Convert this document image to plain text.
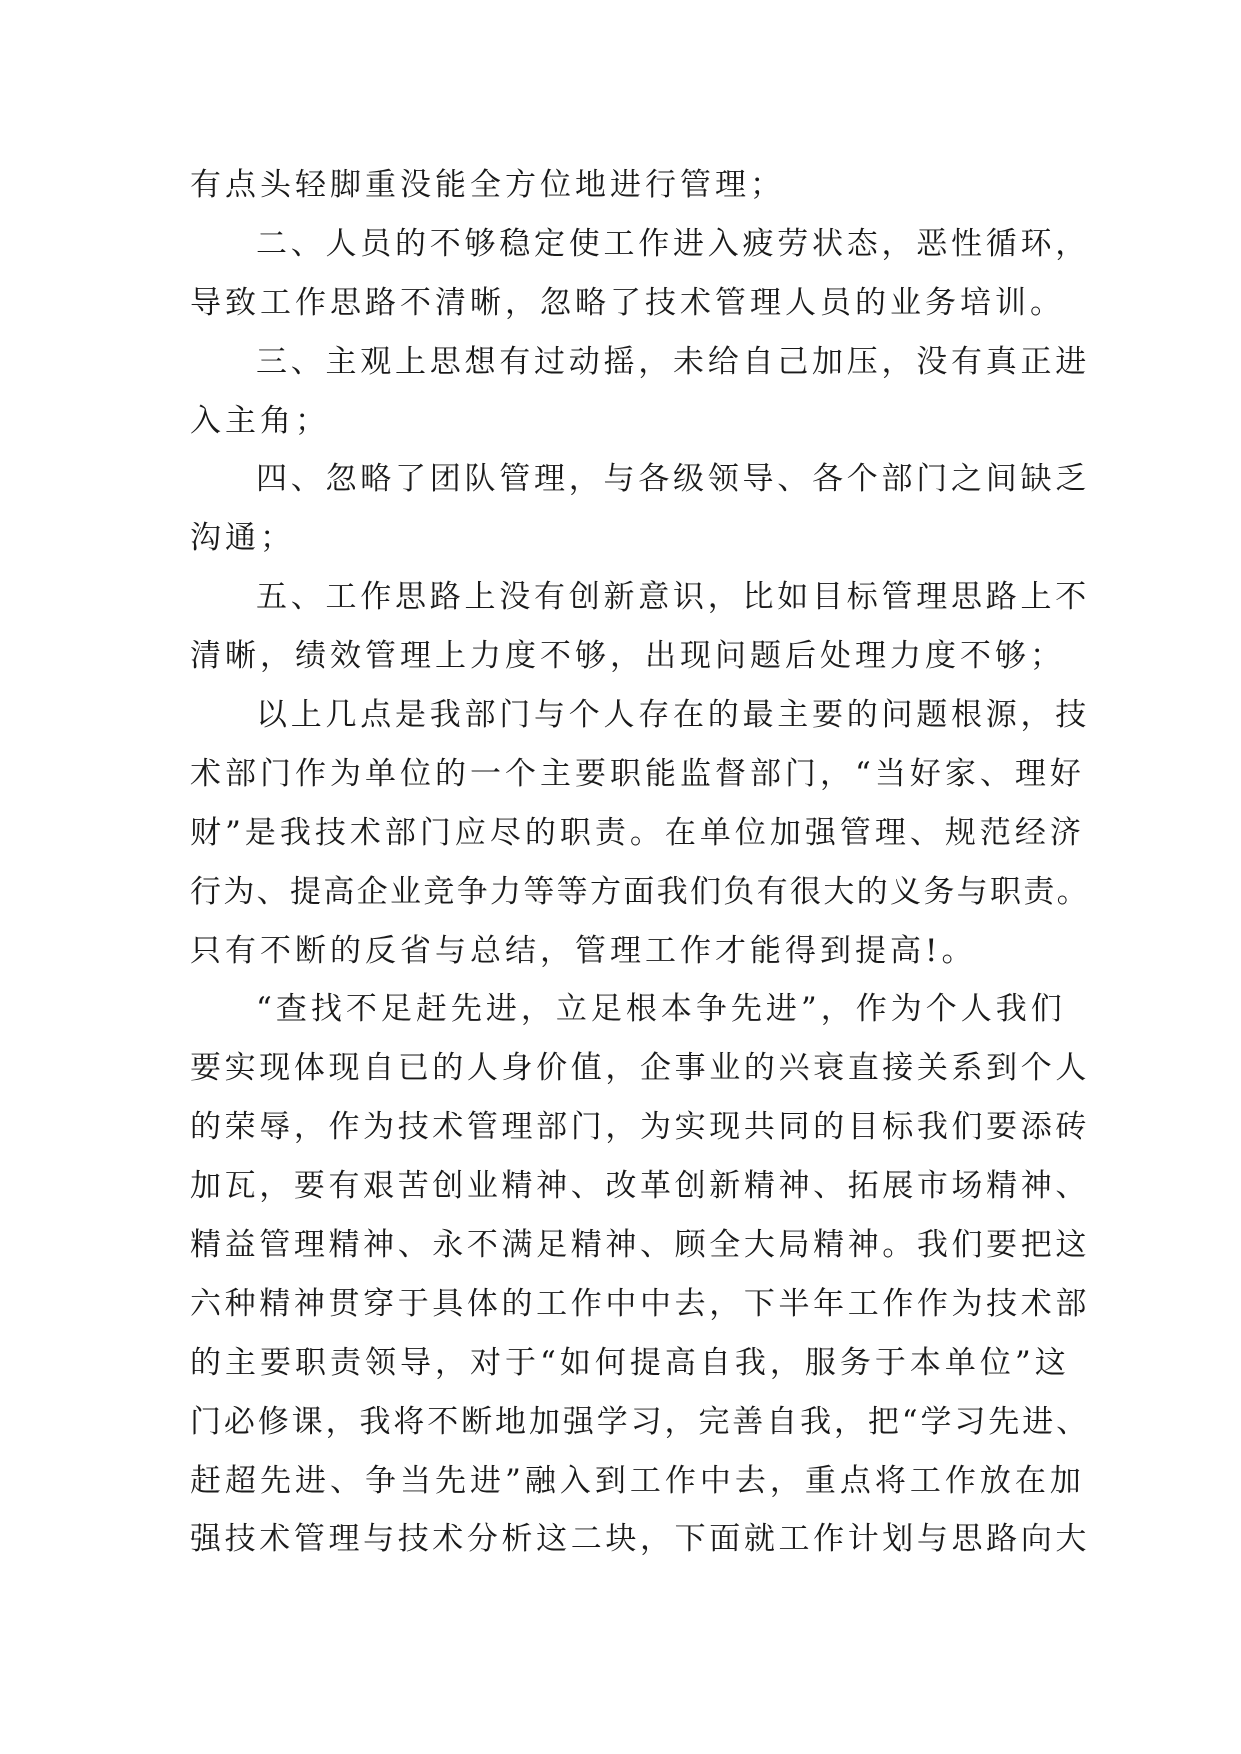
有点头轻脚重没能全方位地进行管理；
二、人员的不够稳定使工作进入疲劳状态，恶性循环，
导致工作思路不清晰，忽略了技术管理人员的业务培训。
三、主观上思想有过动摇，未给自己加压，没有真正进
入主角；
四、忽略了团队管理，与各级领导、各个部门之间缺乏
沟通；
五、工作思路上没有创新意识，比如目标管理思路上不
清晰，绩效管理上力度不够，出现问题后处理力度不够；
以上几点是我部门与个人存在的最主要的问题根源，技
术部门作为单位的一个主要职能监督部门，“当好家、理好
财”是我技术部门应尽的职责。在单位加强管理、规范经济
行为、提高企业竞争力等等方面我们负有很大的义务与职责。
只有不断的反省与总结，管理工作才能得到提高!。
“查找不足赶先进，立足根本争先进”，作为个人我们
要实现体现自已的人身价值，企事业的兴衰直接关系到个人
的荣辱，作为技术管理部门，为实现共同的目标我们要添砖
加瓦，要有艰苦创业精神、改革创新精神、拓展市场精神、
精益管理精神、永不满足精神、顾全大局精神。我们要把这
六种精神贯穿于具体的工作中中去，下半年工作作为技术部
的主要职责领导，对于“如何提高自我，服务于本单位”这
门必修课，我将不断地加强学习，完善自我，把“学习先进、
赶超先进、争当先进”融入到工作中去，重点将工作放在加
强技术管理与技术分析这二块，下面就工作计划与思路向大
